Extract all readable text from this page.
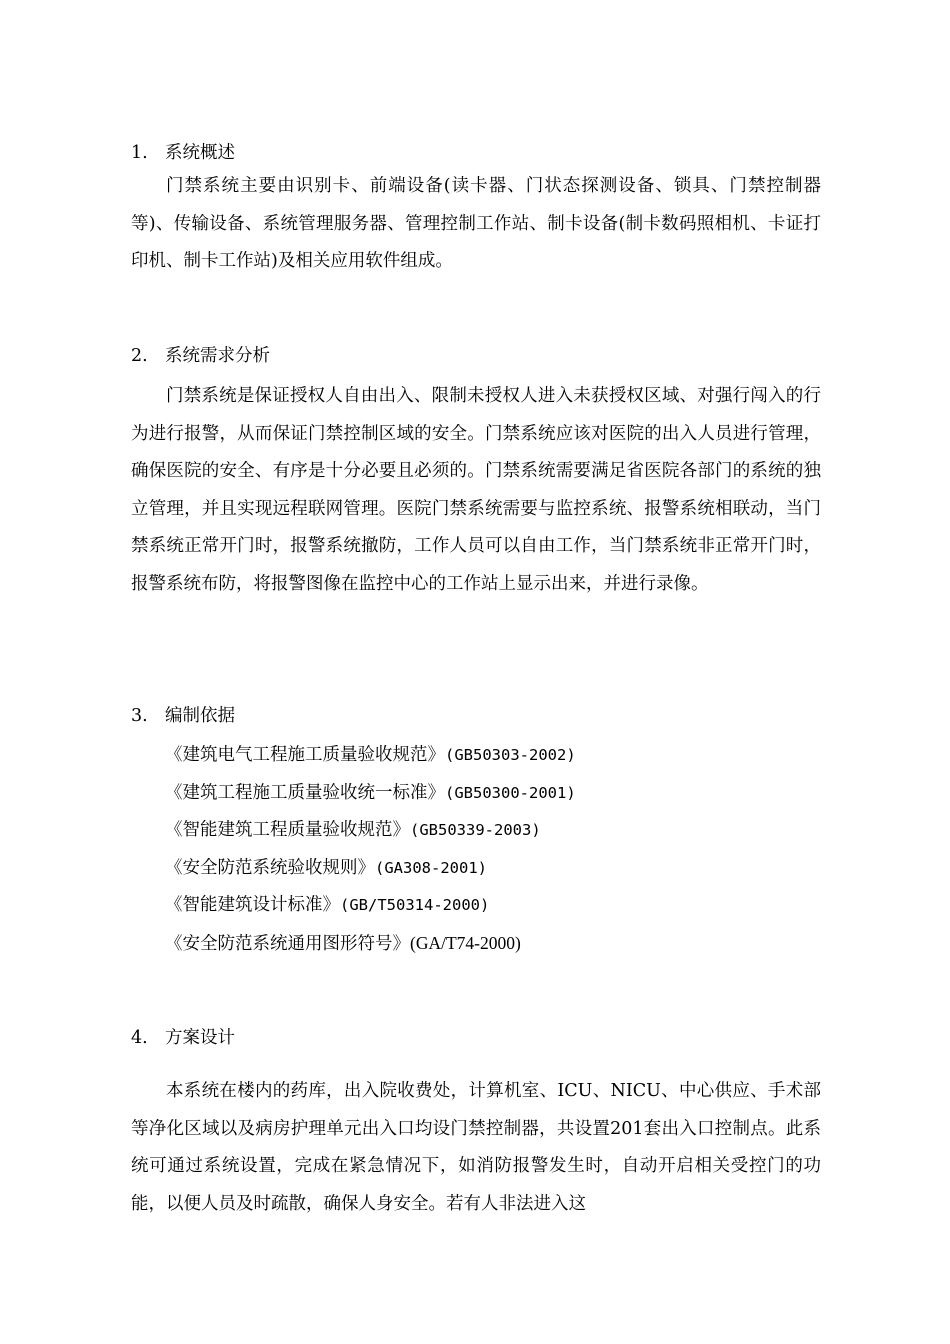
1. 系统概述
门禁系统主要由识别卡、前端设备(读卡器、门状态探测设备、锁具、门禁控制器等)、传输设备、系统管理服务器、管理控制工作站、制卡设备(制卡数码照相机、卡证打印机、制卡工作站)及相关应用软件组成。
2. 系统需求分析
门禁系统是保证授权人自由出入、限制未授权人进入未获授权区域、对强行闯入的行为进行报警，从而保证门禁控制区域的安全。门禁系统应该对医院的出入人员进行管理，确保医院的安全、有序是十分必要且必须的。门禁系统需要满足省医院各部门的系统的独立管理，并且实现远程联网管理。医院门禁系统需要与监控系统、报警系统相联动，当门禁系统正常开门时，报警系统撤防，工作人员可以自由工作，当门禁系统非正常开门时，报警系统布防，将报警图像在监控中心的工作站上显示出来，并进行录像。
3. 编制依据
《建筑电气工程施工质量验收规范》(GB50303-2002)
《建筑工程施工质量验收统一标准》(GB50300-2001)
《智能建筑工程质量验收规范》(GB50339-2003)
《安全防范系统验收规则》(GA308-2001)
《智能建筑设计标准》(GB/T50314-2000)
《安全防范系统通用图形符号》(GA/T74-2000)
4. 方案设计
本系统在楼内的药库，出入院收费处，计算机室、ICU、NICU、中心供应、手术部等净化区域以及病房护理单元出入口均设门禁控制器，共设置201套出入口控制点。此系统可通过系统设置，完成在紧急情况下，如消防报警发生时，自动开启相关受控门的功能，以便人员及时疏散，确保人身安全。若有人非法进入这
